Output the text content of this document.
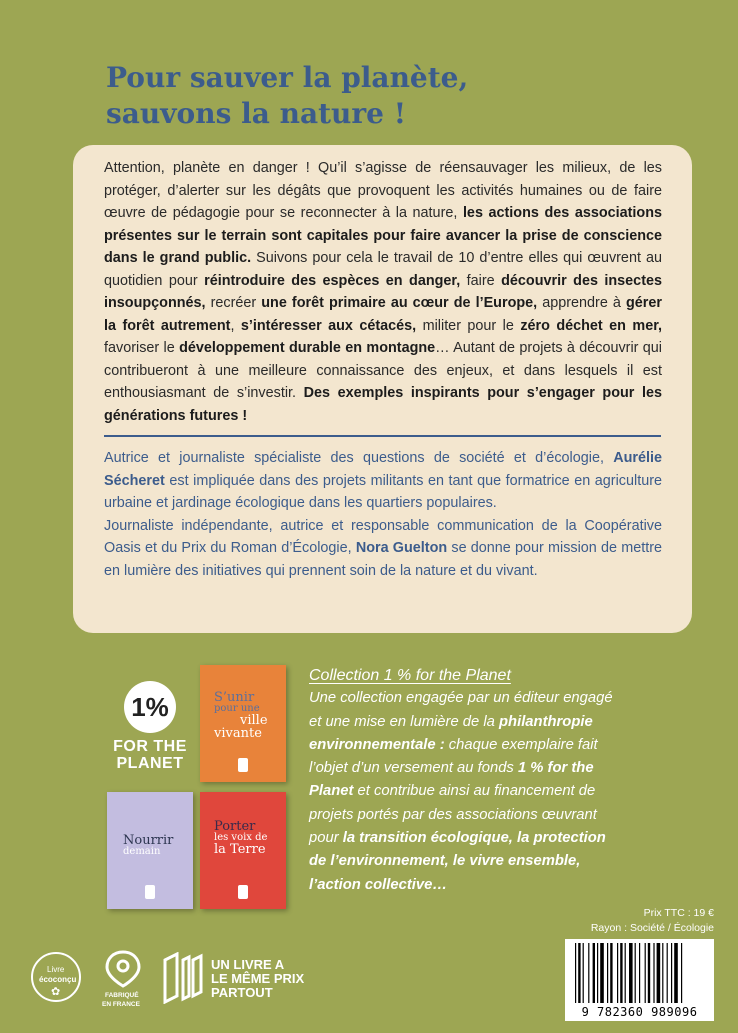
Pour sauver la planète,
sauvons la nature !

Attention, planète en danger ! Qu’il s’agisse de réensauvager les milieux, de les protéger, d’alerter sur les dégâts que provoquent les activités humaines ou de faire œuvre de pédagogie pour se reconnecter à la nature, les actions des associations présentes sur le terrain sont capitales pour faire avancer la prise de conscience dans le grand public. Suivons pour cela le travail de 10 d’entre elles qui œuvrent au quotidien pour réintroduire des espèces en danger, faire découvrir des insectes insoupçonnés, recréer une forêt primaire au cœur de l’Europe, apprendre à gérer la forêt autrement, s’intéresser aux cétacés, militer pour le zéro déchet en mer, favoriser le développement durable en montagne… Autant de projets à découvrir qui contribueront à une meilleure connaissance des enjeux, et dans lesquels il est enthousiasmant de s’investir. Des exemples inspirants pour s’engager pour les générations futures !

Autrice et journaliste spécialiste des questions de société et d’écologie, Aurélie Sécheret est impliquée dans des projets militants en tant que formatrice en agriculture urbaine et jardinage écologique dans les quartiers populaires.
Journaliste indépendante, autrice et responsable communication de la Coopérative Oasis et du Prix du Roman d’Écologie, Nora Guelton se donne pour mission de mettre en lumière des initiatives qui prennent soin de la nature et du vivant.

1%
FOR THE
PLANET
S’unir
pour une
ville
vivante
Nourrir
demain
Porter
les voix de
la Terre
Collection 1 % for the Planet
Une collection engagée par un éditeur engagé et une mise en lumière de la philanthropie environnementale : chaque exemplaire fait l’objet d’un versement au fonds 1 % for the Planet et contribue ainsi au financement de projets portés par des associations œuvrant pour la transition écologique, la protection de l’environnement, le vivre ensemble, l’action collective…
Prix TTC : 19 €
Rayon : Société / Écologie
9 782360 989096
Livre
écoconçu
✿	FABRIQUÉ
EN FRANCE
UN LIVRE A
LE MÊME PRIX
PARTOUT
